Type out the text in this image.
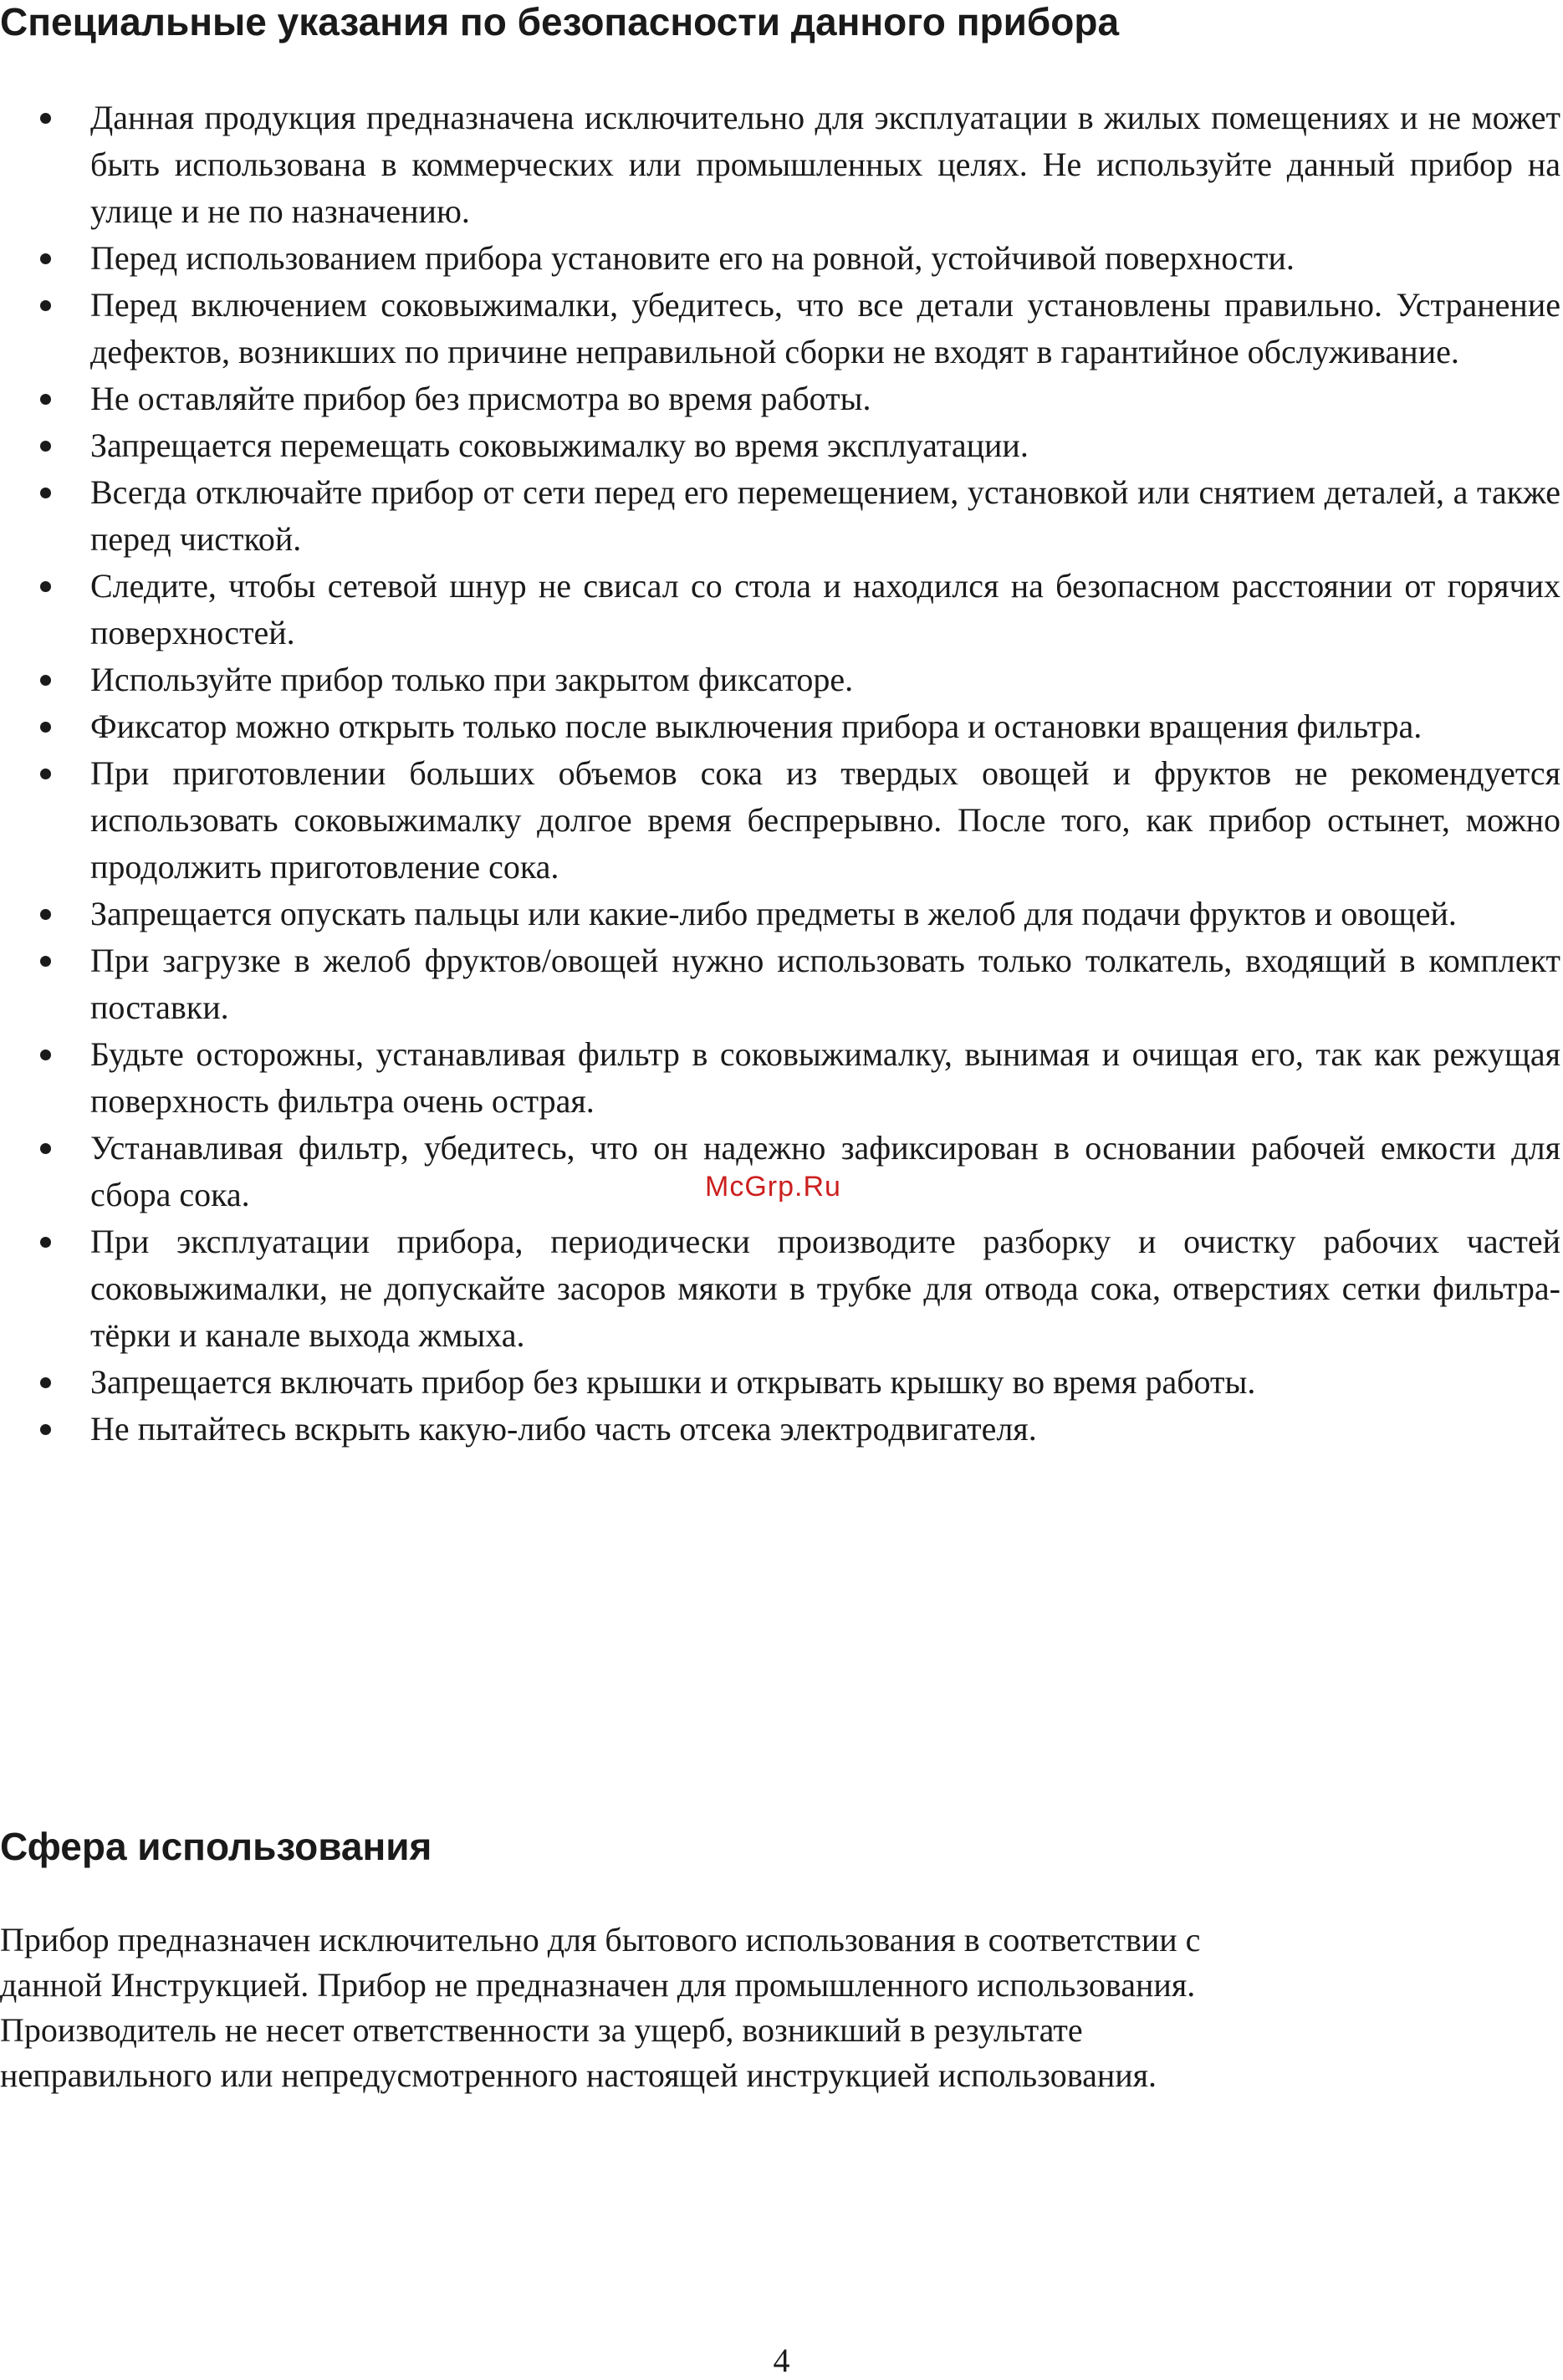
Специальные указания по безопасности данного прибора
Данная продукция предназначена исключительно для эксплуатации в жилых помещениях и не может быть использована в коммерческих или промышленных целях. Не используйте данный прибор на улице и не по назначению.
Перед использованием прибора установите его на ровной, устойчивой поверхности.
Перед включением соковыжималки, убедитесь, что все детали установлены правильно. Устранение дефектов, возникших по причине неправильной сборки не входят в гарантийное обслуживание.
Не оставляйте прибор без присмотра во время работы.
Запрещается перемещать соковыжималку во время эксплуатации.
Всегда отключайте прибор от сети перед его перемещением, установкой или снятием деталей, а также перед чисткой.
Следите, чтобы сетевой шнур не свисал со стола и находился на безопасном расстоянии от горячих поверхностей.
Используйте прибор только при закрытом фиксаторе.
Фиксатор можно открыть только после выключения прибора и остановки вращения фильтра.
При приготовлении больших объемов сока из твердых овощей и фруктов не рекомендуется использовать соковыжималку долгое время беспрерывно. После того, как прибор остынет, можно продолжить приготовление сока.
Запрещается опускать пальцы или какие-либо предметы в желоб для подачи фруктов и овощей.
При загрузке в желоб фруктов/овощей нужно использовать только толкатель, входящий в комплект поставки.
Будьте осторожны, устанавливая фильтр в соковыжималку, вынимая и очищая его, так как режущая поверхность фильтра очень острая.
Устанавливая фильтр, убедитесь, что он надежно зафиксирован в основании рабочей емкости для сбора сока.
При эксплуатации прибора, периодически производите разборку и очистку рабочих частей соковыжималки, не допускайте засоров мякоти в трубке для отвода сока, отверстиях сетки фильтра-тёрки и канале выхода жмыха.
Запрещается включать прибор без крышки и открывать крышку во время работы.
Не пытайтесь вскрыть какую-либо часть отсека электродвигателя.
McGrp.Ru
Сфера использования

Прибор предназначен исключительно для бытового использования в соответствии с
данной Инструкцией. Прибор не предназначен для промышленного использования.
Производитель не несет ответственности за ущерб, возникший в результате
неправильного или непредусмотренного настоящей инструкцией использования.

4
